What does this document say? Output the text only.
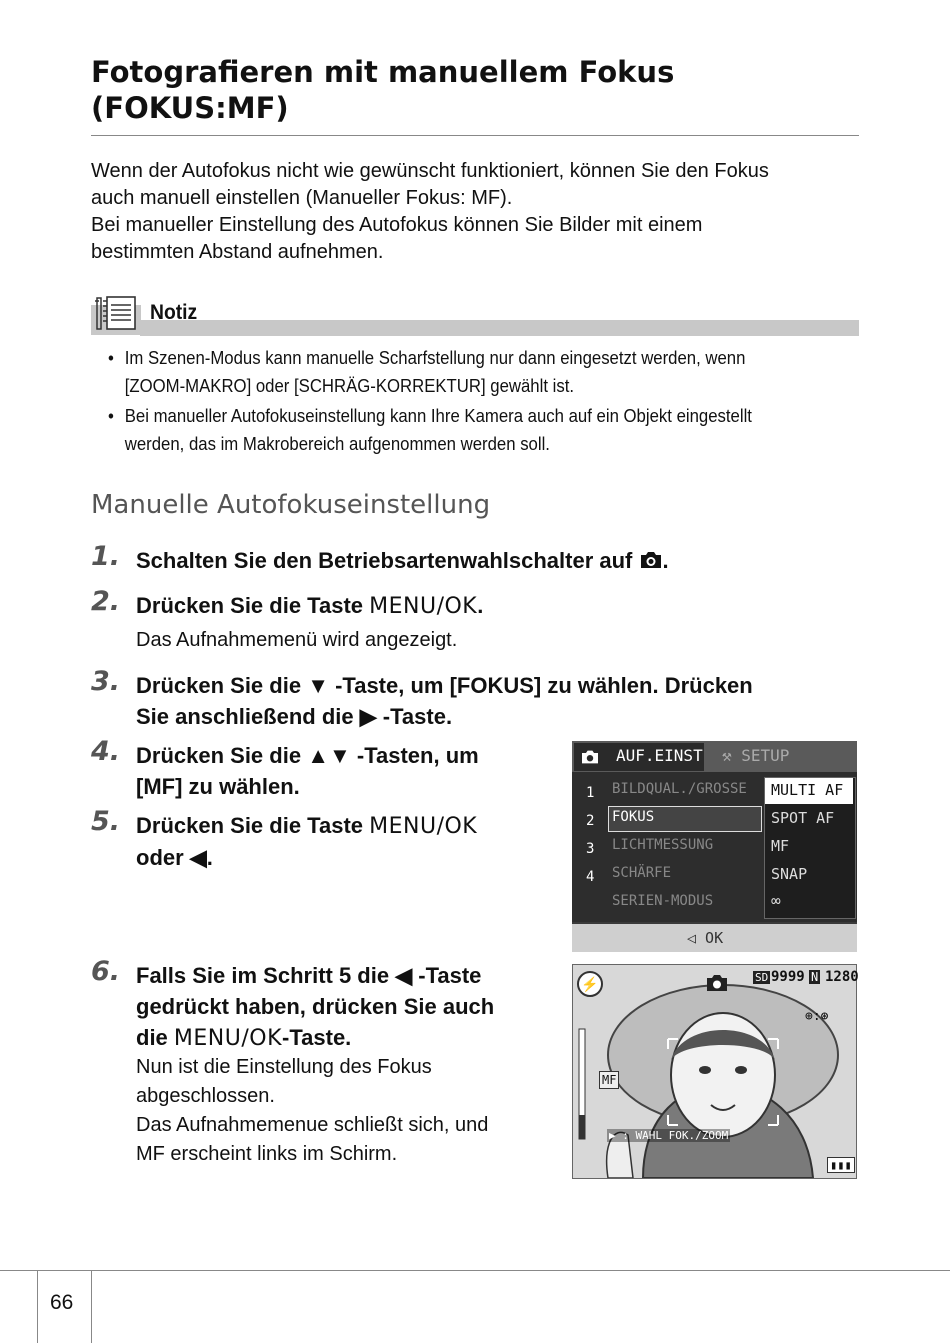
Fotografieren mit manuellem Fokus
(FOKUS:MF)

Wenn der Autofokus nicht wie gewünscht funktioniert, können Sie den Fokus

auch manuell einstellen (Manueller Fokus: MF).

Bei manueller Einstellung des Autofokus können Sie Bilder mit einem

bestimmten Abstand aufnehmen.

Notiz
• Im Szenen-Modus kann manuelle Scharfstellung nur dann eingesetzt werden, wenn
[ZOOM-MAKRO] oder [SCHRÄG-KORREKTUR] gewählt ist.
• Bei manueller Autofokuseinstellung kann Ihre Kamera auch auf ein Objekt eingestellt
werden, das im Makrobereich aufgenommen werden soll.
Manuelle Autofokuseinstellung
1. Schalten Sie den Betriebsartenwahlschalter auf .
2. Drücken Sie die Taste MENU/OK.
Das Aufnahmemenü wird angezeigt.
3. Drücken Sie die ▼ -Taste, um [FOKUS] zu wählen. Drücken
Sie anschließend die ▶ -Taste.
4. Drücken Sie die ▲▼ -Tasten, um
[MF] zu wählen.
5. Drücken Sie die Taste MENU/OK
oder ◀.
6. Falls Sie im Schritt 5 die ◀ -Taste
gedrückt haben, drücken Sie auch
die MENU/OK-Taste.
Nun ist die Einstellung des Fokus
abgeschlossen.
Das Aufnahmemenue schließt sich, und
MF erscheint links im Schirm.
AUF.EINST ⚒ SETUP
1
2
3
4
BILDQUAL./GROSSE
FOKUS
LICHTMESSUNG
SCHÄRFE
SERIEN-MODUS
MULTI AF
SPOT AF
MF
SNAP
∞
◁ OK
⚡	SD 9999 N 1280
⊕:⊛
MF
▶ : WAHL FOK./ZOOM
▮▮▮
66
